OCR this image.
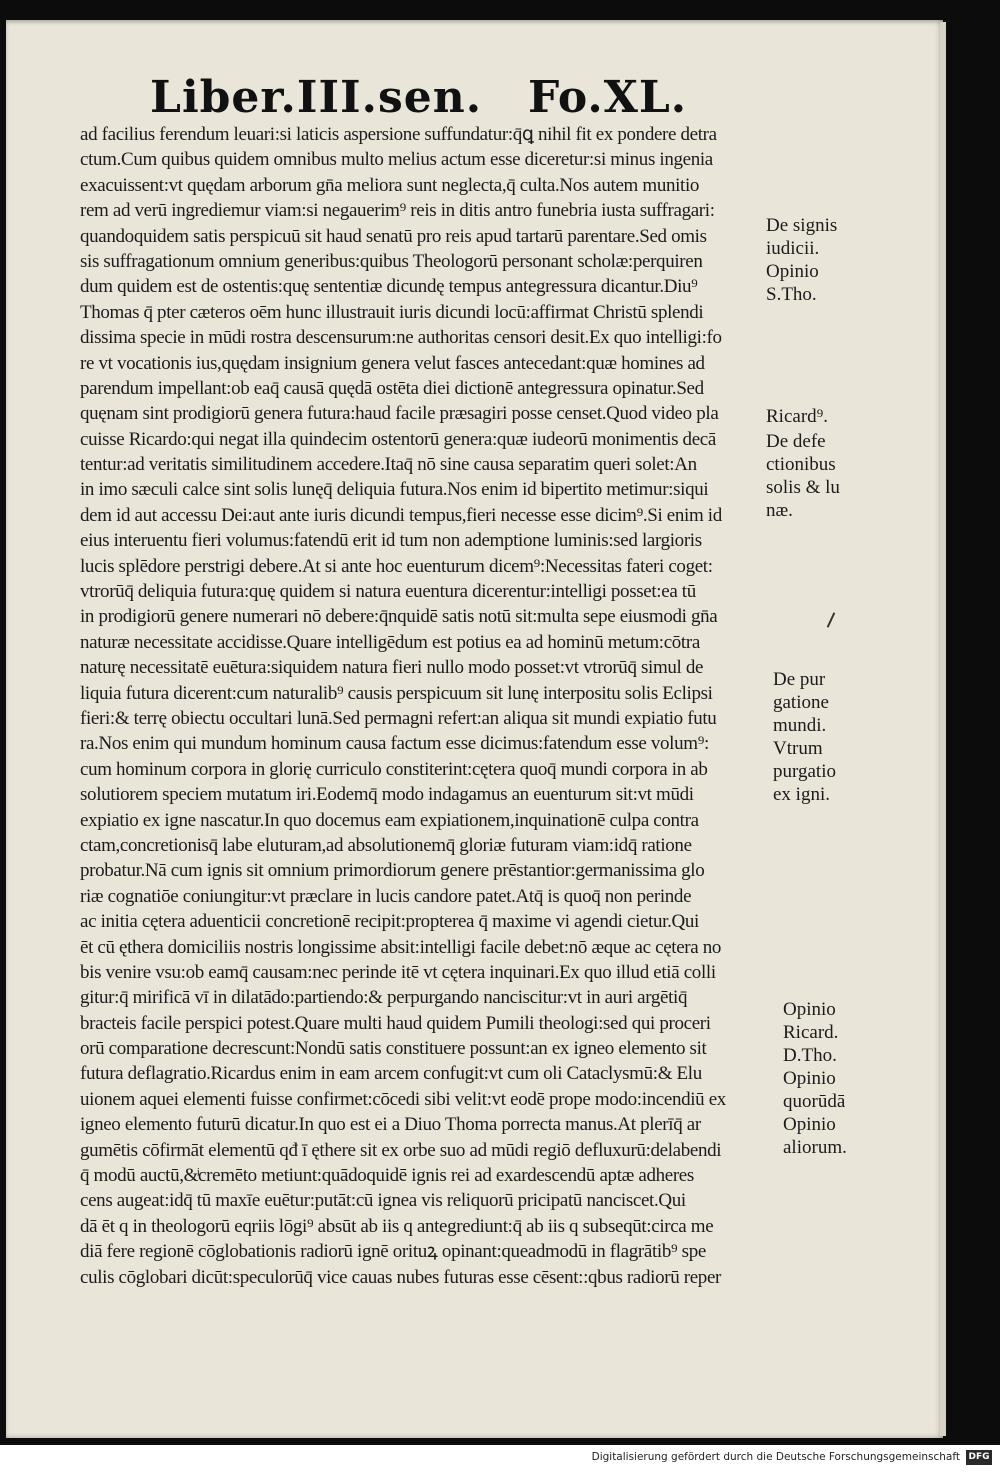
Liber.III.sen. Fo.XL.
ad facilius ferendum leuari:si laticis aspersione suffundatur:q̄ꝗ nihil fit ex pondere detra
ctum.Cum quibus quidem omnibus multo melius actum esse diceretur:si minus ingenia
exacuissent:vt quędam arborum gn̄a meliora sunt neglecta,q̄ culta.Nos autem munitio
rem ad verū ingrediemur viam:si negauerim⁹ reis in ditis antro funebria iusta suffragari:
quandoquidem satis perspicuū sit haud senatū pro reis apud tartarū parentare.Sed omis
sis suffragationum omnium generibus:quibus Theologorū personant scholæ:perquiren
dum quidem est de ostentis:quę sententiæ dicundę tempus antegressura dicantur.Diu⁹
Thomas q̄ pter cæteros oēm hunc illustrauit iuris dicundi locū:affirmat Christū splendi
dissima specie in mūdi rostra descensurum:ne authoritas censori desit.Ex quo intelligi:fo
re vt vocationis ius,quędam insignium genera velut fasces antecedant:quæ homines ad
parendum impellant:ob eaq̄ causā quędā ostēta diei dictionē antegressura opinatur.Sed
quęnam sint prodigiorū genera futura:haud facile præsagiri posse censet.Quod video pla
cuisse Ricardo:qui negat illa quindecim ostentorū genera:quæ iudeorū monimentis decā
tentur:ad veritatis similitudinem accedere.Itaq̄ nō sine causa separatim queri solet:An
in imo sæculi calce sint solis lunęq̄ deliquia futura.Nos enim id bipertito metimur:siqui
dem id aut accessu Dei:aut ante iuris dicundi tempus,fieri necesse esse dicim⁹.Si enim id
eius interuentu fieri volumus:fatendū erit id tum non ademptione luminis:sed largioris
lucis splēdore perstrigi debere.At si ante hoc euenturum dicem⁹:Necessitas fateri coget:
vtrorūq̄ deliquia futura:quę quidem si natura euentura dicerentur:intelligi posset:ea tū
in prodigiorū genere numerari nō debere:q̄nquidē satis notū sit:multa sepe eiusmodi gn̄a
naturæ necessitate accidisse.Quare intelligēdum est potius ea ad hominū metum:cōtra
naturę necessitatē euētura:siquidem natura fieri nullo modo posset:vt vtrorūq̄ simul de
liquia futura dicerent:cum naturalib⁹ causis perspicuum sit lunę interpositu solis Eclipsi
fieri:& terrę obiectu occultari lunā.Sed permagni refert:an aliqua sit mundi expiatio futu
ra.Nos enim qui mundum hominum causa factum esse dicimus:fatendum esse volum⁹:
cum hominum corpora in glorię curriculo constiterint:cętera quoq̄ mundi corpora in ab
solutiorem speciem mutatum iri.Eodemq̄ modo indagamus an euenturum sit:vt mūdi
expiatio ex igne nascatur.In quo docemus eam expiationem,inquinationē culpa contra
ctam,concretionisq̄ labe eluturam,ad absolutionemq̄ gloriæ futuram viam:idq̄ ratione
probatur.Nā cum ignis sit omnium primordiorum genere prēstantior:germanissima glo
riæ cognatiōe coniungitur:vt præclare in lucis candore patet.Atq̄ is quoq̄ non perinde
ac initia cętera aduenticii concretionē recipit:propterea q̄ maxime vi agendi cietur.Qui
ēt cū ęthera domiciliis nostris longissime absit:intelligi facile debet:nō æque ac cętera no
bis venire vsu:ob eamq̄ causam:nec perinde itē vt cętera inquinari.Ex quo illud etiā colli
gitur:q̄ mirificā vī in dilatādo:partiendo:& perpurgando nanciscitur:vt in auri argētiq̄
bracteis facile perspici potest.Quare multi haud quidem Pumili theologi:sed qui proceri
orū comparatione decrescunt:Nondū satis constituere possunt:an ex igneo elemento sit
futura deflagratio.Ricardus enim in eam arcem confugit:vt cum oli Cataclysmū:& Elu
uionem aquei elementi fuisse confirmet:cōcedi sibi velit:vt eodē prope modo:incendiū ex
igneo elemento futurū dicatur.In quo est ei a Diuo Thoma porrecta manus.At plerīq̄ ar
gumētis cōfirmāt elementū qđ ī ęthere sit ex orbe suo ad mūdi regiō defluxurū:delabendi
q̄ modū auctū,&ͥcremēto metiunt:quādoquidē ignis rei ad exardescendū aptæ adheres
cens augeat:idq̄ tū maxīe euētur:putāt:cū ignea vis reliquorū pricipatū nanciscet.Qui
dā ēt q in theologorū eqriis lōgi⁹ absūt ab iis q antegrediunt:q̄ ab iis q subseqūt:circa me
diā fere regionē cōglobationis radiorū ignē orituꝝ opinant:queadmodū in flagrātib⁹ spe
culis cōglobari dicūt:speculorūq̄ vice cauas nubes futuras esse cēsent::qbus radiorū reper
De signis
iudicii.
Opinio
S.Tho.
Ricard⁹.
De defe
ctionibus
solis & lu
næ.
De pur
gatione
mundi.
Vtrum
purgatio
ex igni.
Opinio
Ricard.
D.Tho.
Opinio
quorūdā
Opinio
aliorum.
Digitalisierung gefördert durch die Deutsche Forschungsgemeinschaft DFG
